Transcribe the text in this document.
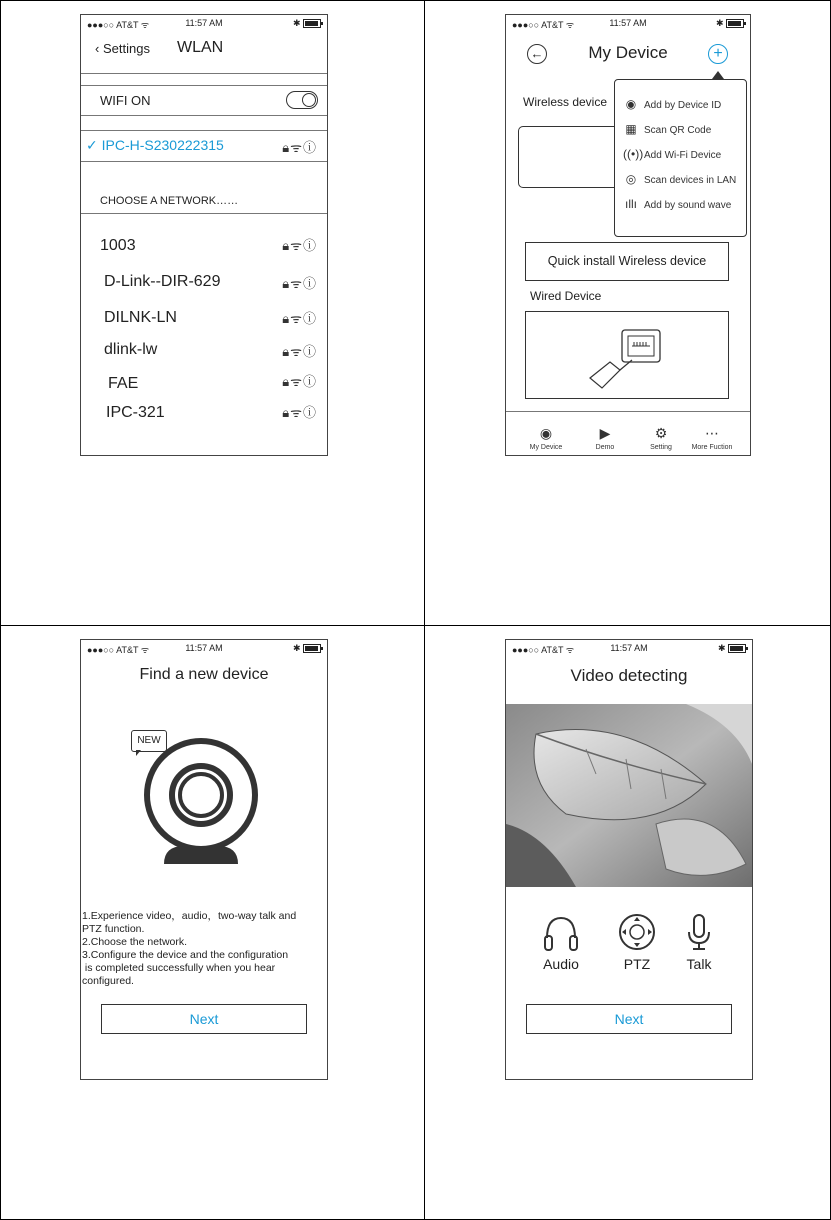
●●●○○ AT&T ᯤ	11:57 AM	✱
‹ Settings WLAN
WIFI ON
✓ IPC-H-S230222315	🔒︎ᯤⓘ
CHOOSE A NETWORK……
1003	🔒︎ᯤⓘ
D-Link--DIR-629	🔒︎ᯤⓘ
DILNK-LN	🔒︎ᯤⓘ
dlink-lw	🔒︎ᯤⓘ
FAE	🔒︎ᯤⓘ
IPC-321	🔒︎ᯤⓘ
●●●○○ AT&T ᯤ	11:57 AM	✱
←	My Device	+
Wireless device ◉ Add by Device ID
▦ Scan QR Code
((•))Add Wi-Fi Device
◎ Scan devices in LAN
ıllı Add by sound wave
Quick install Wireless device
Wired Device
◉
My Device
▶
Demo
⚙
Setting
⋯
More Fuction
●●●○○ AT&T ᯤ	11:57 AM	✱
Find a new device
NEW
1.Experience video，audio，two-way talk and
PTZ function.
2.Choose the network.
3.Configure the device and the configuration
is completed successfully when you hear
configured.
Next
●●●○○ AT&T ᯤ	11:57 AM	✱
Video detecting
Audio	PTZ	Talk
Next
